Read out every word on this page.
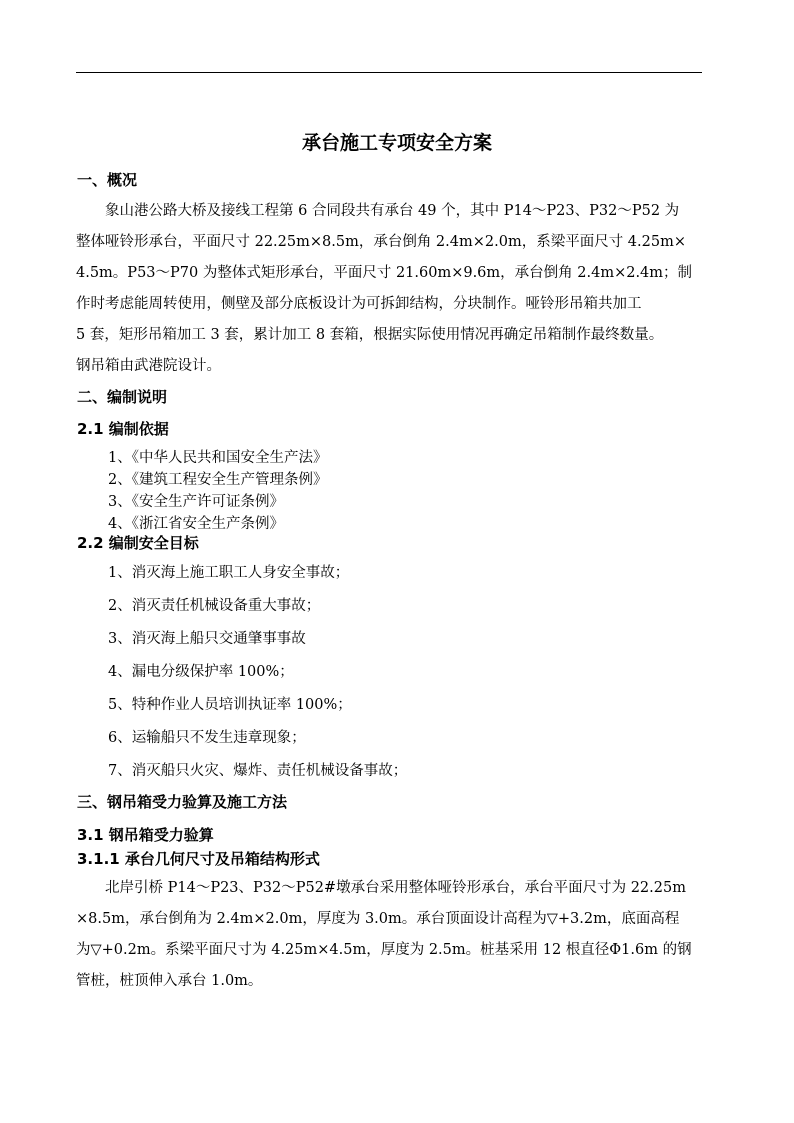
承台施工专项安全方案
一、概况
　　象山港公路大桥及接线工程第 6 合同段共有承台 49 个，其中 P14～P23、P32～P52 为
整体哑铃形承台，平面尺寸 22.25m×8.5m，承台倒角 2.4m×2.0m，系梁平面尺寸 4.25m×
4.5m。P53～P70 为整体式矩形承台，平面尺寸 21.60m×9.6m，承台倒角 2.4m×2.4m；制
作时考虑能周转使用，侧壁及部分底板设计为可拆卸结构，分块制作。哑铃形吊箱共加工
5 套，矩形吊箱加工 3 套，累计加工 8 套箱，根据实际使用情况再确定吊箱制作最终数量。
钢吊箱由武港院设计。
二、编制说明
2.1 编制依据
1、《中华人民共和国安全生产法》
2、《建筑工程安全生产管理条例》
3、《安全生产许可证条例》
4、《浙江省安全生产条例》
2.2 编制安全目标
1、消灭海上施工职工人身安全事故；
2、消灭责任机械设备重大事故；
3、消灭海上船只交通肇事事故
4、漏电分级保护率 100%；
5、特种作业人员培训执证率 100%；
6、运输船只不发生违章现象；
7、消灭船只火灾、爆炸、责任机械设备事故；
三、钢吊箱受力验算及施工方法
3.1 钢吊箱受力验算
3.1.1 承台几何尺寸及吊箱结构形式
　　北岸引桥 P14～P23、P32～P52#墩承台采用整体哑铃形承台，承台平面尺寸为 22.25m
×8.5m，承台倒角为 2.4m×2.0m，厚度为 3.0m。承台顶面设计高程为▽+3.2m，底面高程
为▽+0.2m。系梁平面尺寸为 4.25m×4.5m，厚度为 2.5m。桩基采用 12 根直径Φ1.6m 的钢
管桩，桩顶伸入承台 1.0m。
